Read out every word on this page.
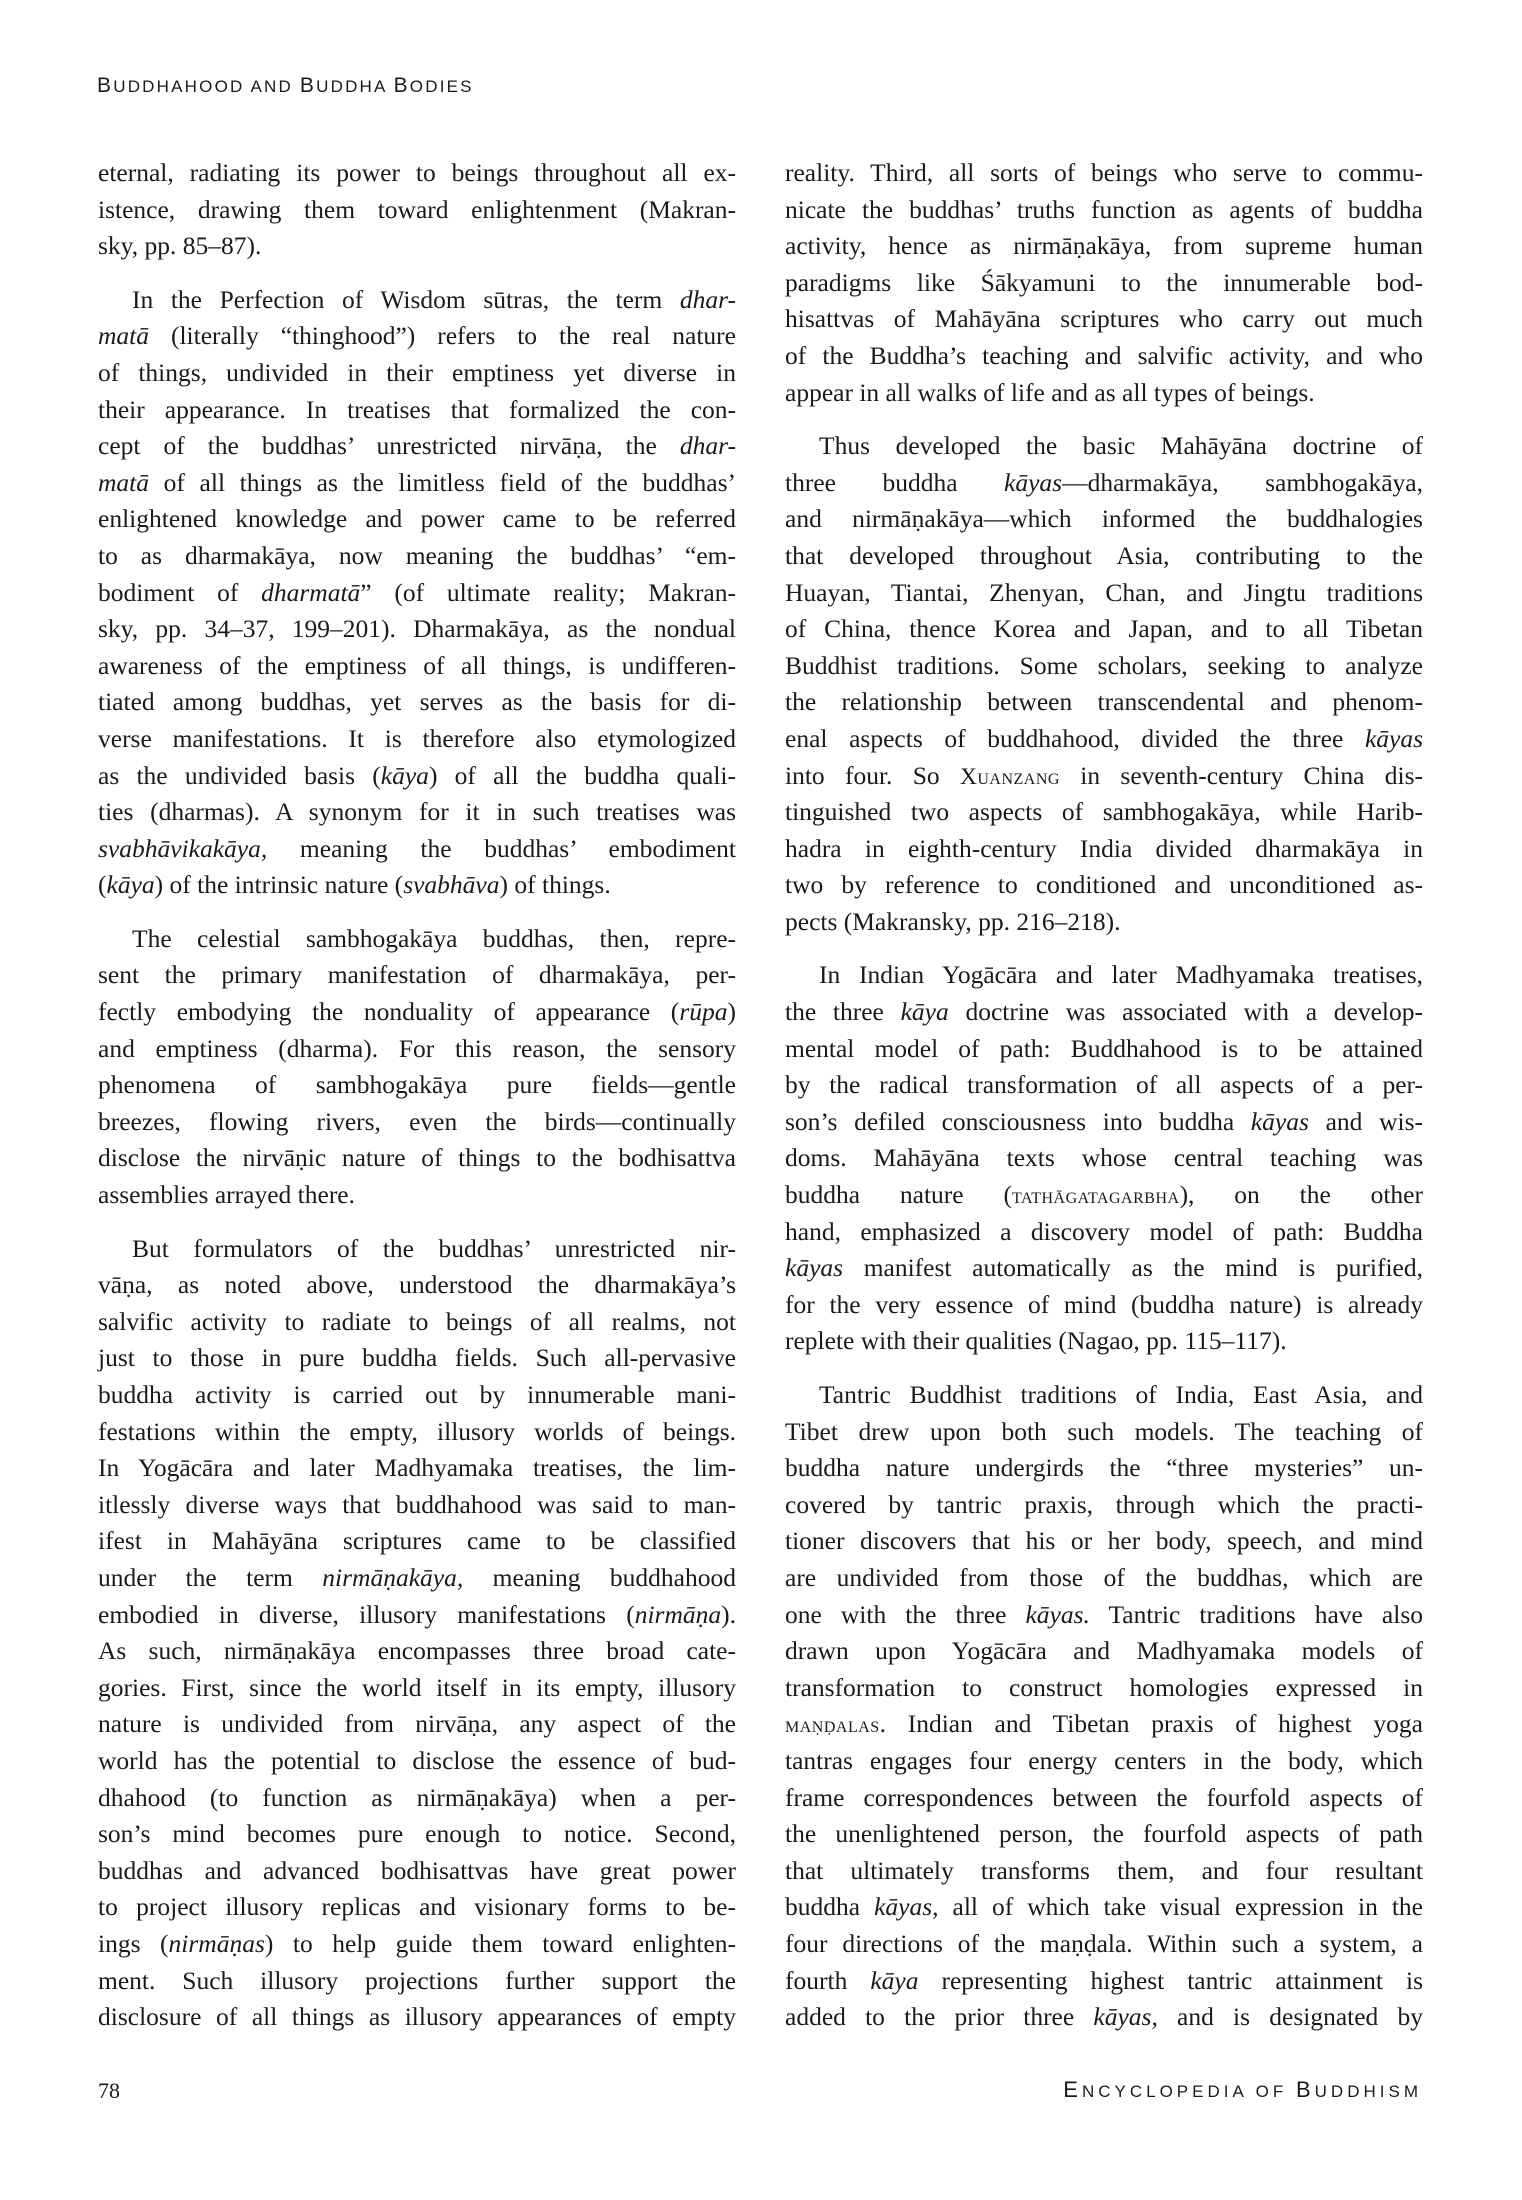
BUDDHAHOOD AND BUDDHA BODIES
eternal, radiating its power to beings throughout all ex-
istence, drawing them toward enlightenment (Makran-
sky, pp. 85–87).
In the Perfection of Wisdom sūtras, the term dhar-
matā (literally “thinghood”) refers to the real nature
of things, undivided in their emptiness yet diverse in
their appearance. In treatises that formalized the con-
cept of the buddhas’ unrestricted nirvāṇa, the dhar-
matā of all things as the limitless field of the buddhas’
enlightened knowledge and power came to be referred
to as dharmakāya, now meaning the buddhas’ “em-
bodiment of dharmatā” (of ultimate reality; Makran-
sky, pp. 34–37, 199–201). Dharmakāya, as the nondual
awareness of the emptiness of all things, is undifferen-
tiated among buddhas, yet serves as the basis for di-
verse manifestations. It is therefore also etymologized
as the undivided basis (kāya) of all the buddha quali-
ties (dharmas). A synonym for it in such treatises was
svabhāvikakāya, meaning the buddhas’ embodiment
(kāya) of the intrinsic nature (svabhāva) of things.
The celestial sambhogakāya buddhas, then, repre-
sent the primary manifestation of dharmakāya, per-
fectly embodying the nonduality of appearance (rūpa)
and emptiness (dharma). For this reason, the sensory
phenomena of sambhogakāya pure fields—gentle
breezes, flowing rivers, even the birds—continually
disclose the nirvāṇic nature of things to the bodhisattva
assemblies arrayed there.
But formulators of the buddhas’ unrestricted nir-
vāṇa, as noted above, understood the dharmakāya’s
salvific activity to radiate to beings of all realms, not
just to those in pure buddha fields. Such all-pervasive
buddha activity is carried out by innumerable mani-
festations within the empty, illusory worlds of beings.
In Yogācāra and later Madhyamaka treatises, the lim-
itlessly diverse ways that buddhahood was said to man-
ifest in Mahāyāna scriptures came to be classified
under the term nirmāṇakāya, meaning buddhahood
embodied in diverse, illusory manifestations (nirmāṇa).
As such, nirmāṇakāya encompasses three broad cate-
gories. First, since the world itself in its empty, illusory
nature is undivided from nirvāṇa, any aspect of the
world has the potential to disclose the essence of bud-
dhahood (to function as nirmāṇakāya) when a per-
son’s mind becomes pure enough to notice. Second,
buddhas and advanced bodhisattvas have great power
to project illusory replicas and visionary forms to be-
ings (nirmāṇas) to help guide them toward enlighten-
ment. Such illusory projections further support the
disclosure of all things as illusory appearances of empty
reality. Third, all sorts of beings who serve to commu-
nicate the buddhas’ truths function as agents of buddha
activity, hence as nirmāṇakāya, from supreme human
paradigms like Śākyamuni to the innumerable bod-
hisattvas of Mahāyāna scriptures who carry out much
of the Buddha’s teaching and salvific activity, and who
appear in all walks of life and as all types of beings.
Thus developed the basic Mahāyāna doctrine of
three buddha kāyas—dharmakāya, sambhogakāya,
and nirmāṇakāya—which informed the buddhalogies
that developed throughout Asia, contributing to the
Huayan, Tiantai, Zhenyan, Chan, and Jingtu traditions
of China, thence Korea and Japan, and to all Tibetan
Buddhist traditions. Some scholars, seeking to analyze
the relationship between transcendental and phenom-
enal aspects of buddhahood, divided the three kāyas
into four. So Xuanzang in seventh-century China dis-
tinguished two aspects of sambhogakāya, while Harib-
hadra in eighth-century India divided dharmakāya in
two by reference to conditioned and unconditioned as-
pects (Makransky, pp. 216–218).
In Indian Yogācāra and later Madhyamaka treatises,
the three kāya doctrine was associated with a develop-
mental model of path: Buddhahood is to be attained
by the radical transformation of all aspects of a per-
son’s defiled consciousness into buddha kāyas and wis-
doms. Mahāyāna texts whose central teaching was
buddha nature (tathāgatagarbha), on the other
hand, emphasized a discovery model of path: Buddha
kāyas manifest automatically as the mind is purified,
for the very essence of mind (buddha nature) is already
replete with their qualities (Nagao, pp. 115–117).
Tantric Buddhist traditions of India, East Asia, and
Tibet drew upon both such models. The teaching of
buddha nature undergirds the “three mysteries” un-
covered by tantric praxis, through which the practi-
tioner discovers that his or her body, speech, and mind
are undivided from those of the buddhas, which are
one with the three kāyas. Tantric traditions have also
drawn upon Yogācāra and Madhyamaka models of
transformation to construct homologies expressed in
maṇḍalas. Indian and Tibetan praxis of highest yoga
tantras engages four energy centers in the body, which
frame correspondences between the fourfold aspects of
the unenlightened person, the fourfold aspects of path
that ultimately transforms them, and four resultant
buddha kāyas, all of which take visual expression in the
four directions of the maṇḍala. Within such a system, a
fourth kāya representing highest tantric attainment is
added to the prior three kāyas, and is designated by
78	ENCYCLOPEDIA OF BUDDHISM
